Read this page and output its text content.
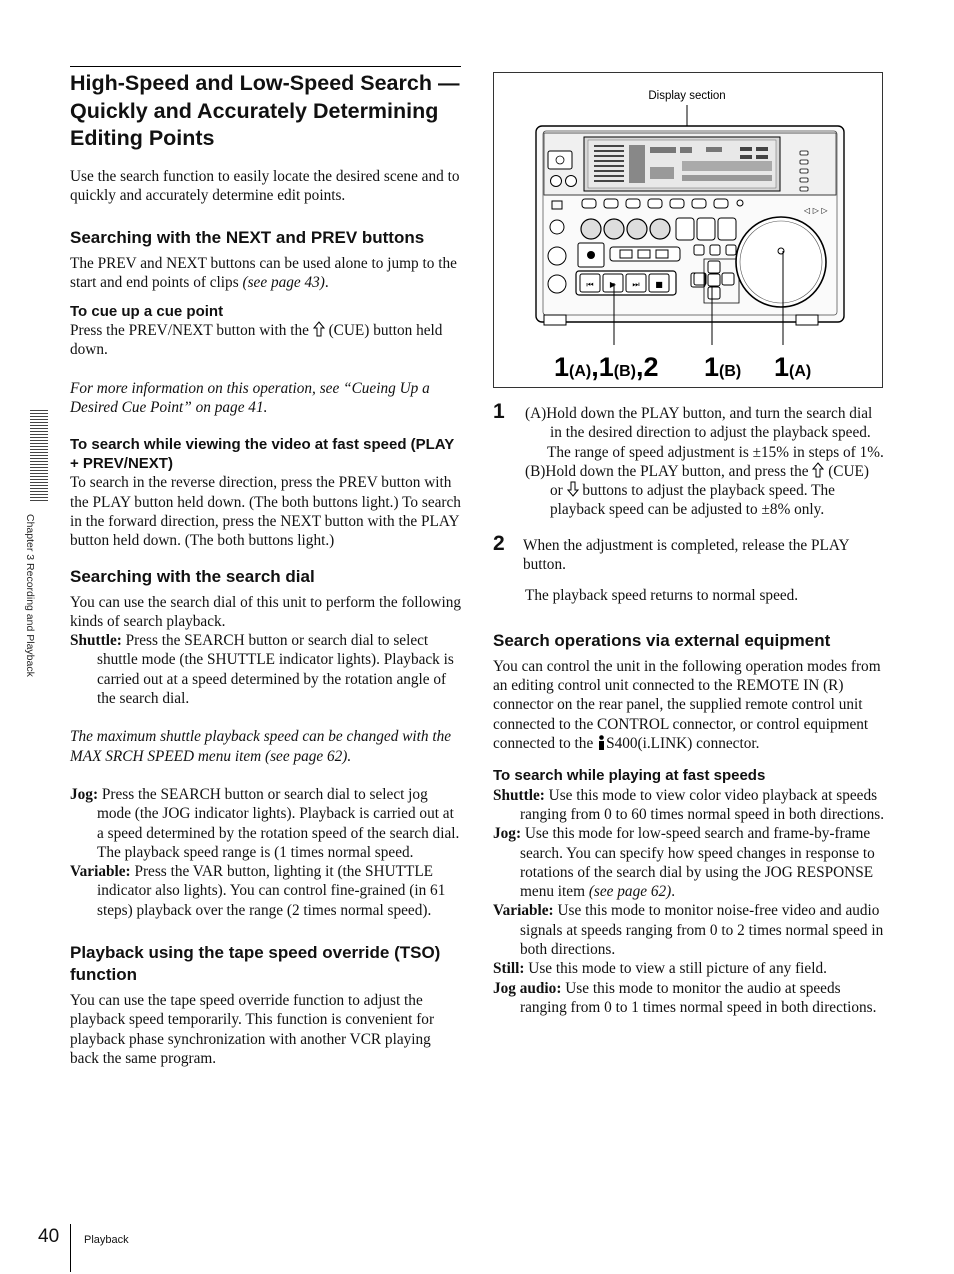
High-Speed and Low-Speed Search —Quickly and Accurately Determining Editing Points

Use the search function to easily locate the desired scene and to quickly and accurately determine edit points.

Searching with the NEXT and PREV buttons

The PREV and NEXT buttons can be used alone to jump to the start and end points of clips (see page 43).

To cue up a cue point

Press the PREV/NEXT button with the  (CUE) button held down.

For more information on this operation, see “Cueing Up a Desired Cue Point” on page 41.

To search while viewing the video at fast speed (PLAY + PREV/NEXT)

To search in the reverse direction, press the PREV button with the PLAY button held down. (The both buttons light.) To search in the forward direction, press the NEXT button with the PLAY button held down. (The both buttons light.)

Searching with the search dial

You can use the search dial of this unit to perform the following kinds of search playback.

Shuttle: Press the SEARCH button or search dial to select shuttle mode (the SHUTTLE indicator lights). Playback is carried out at a speed determined by the rotation angle of the search dial.

The maximum shuttle playback speed can be changed with the MAX SRCH SPEED menu item (see page 62).

Jog: Press the SEARCH button or search dial to select jog mode (the JOG indicator lights). Playback is carried out at a speed determined by the rotation speed of the search dial. The playback speed range is (1 times normal speed.

Variable: Press the VAR button, lighting it (the SHUTTLE indicator also lights). You can control fine-grained (in 61 steps) playback over the range (2 times normal speed).

Playback using the tape speed override (TSO) function

You can use the tape speed override function to adjust the playback speed temporarily. This function is convenient for playback phase synchronization with another VCR playing back the same program.

Display section
⏮ ▶ ⏭ ■
◁ ▷ ▷
1(A),1(B),2 1(B) 1(A)
1 (A)Hold down the PLAY button, and turn the search dial in the desired direction to adjust the playback speed.

The range of speed adjustment is ±15% in steps of 1%.

(B)Hold down the PLAY button, and press the  (CUE) or  buttons to adjust the playback speed. The playback speed can be adjusted to ±8% only.

2	When the adjustment is completed, release the PLAY button.

The playback speed returns to normal speed.

Search operations via external equipment

You can control the unit in the following operation modes from an editing control unit connected to the REMOTE IN (R) connector on the rear panel, the supplied remote control unit connected to the CONTROL connector, or control equipment connected to the S400(i.LINK) connector.

To search while playing at fast speeds

Shuttle: Use this mode to view color video playback at speeds ranging from 0 to 60 times normal speed in both directions.

Jog: Use this mode for low-speed search and frame-by-frame search. You can specify how speed changes in response to rotations of the search dial by using the JOG RESPONSE menu item (see page 62).

Variable: Use this mode to monitor noise-free video and audio signals at speeds ranging from 0 to 2 times normal speed in both directions.

Still: Use this mode to view a still picture of any field.

Jog audio: Use this mode to monitor the audio at speeds ranging from 0 to 1 times normal speed in both directions.

Chapter 3 Recording and Playback
40 Playback
